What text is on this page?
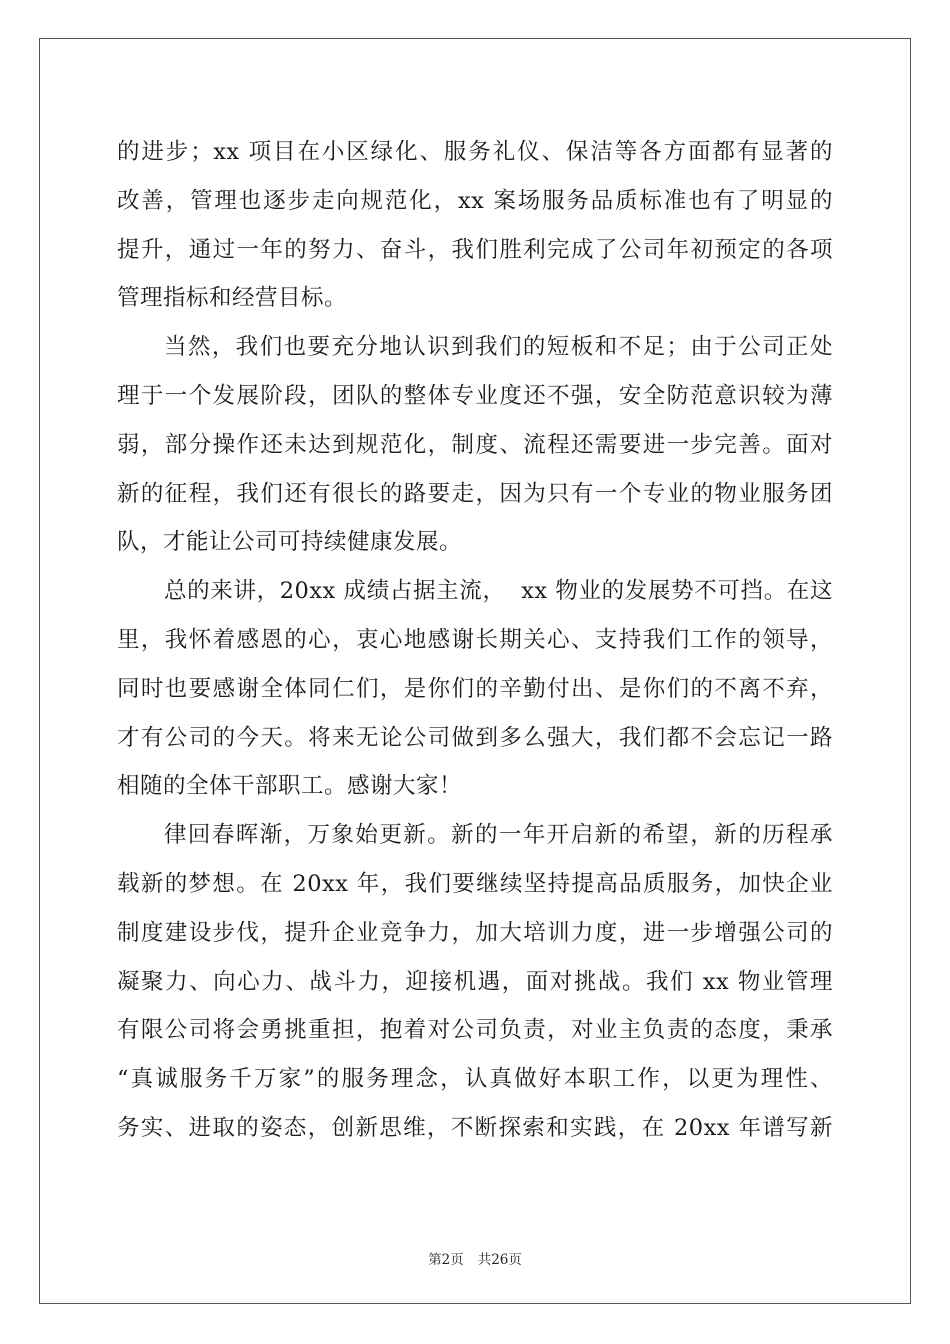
的进步；xx 项目在小区绿化、服务礼仪、保洁等各方面都有显著的
改善，管理也逐步走向规范化，xx 案场服务品质标准也有了明显的
提升，通过一年的努力、奋斗，我们胜利完成了公司年初预定的各项
管理指标和经营目标。
当然，我们也要充分地认识到我们的短板和不足；由于公司正处
理于一个发展阶段，团队的整体专业度还不强，安全防范意识较为薄
弱，部分操作还未达到规范化，制度、流程还需要进一步完善。面对
新的征程，我们还有很长的路要走，因为只有一个专业的物业服务团
队，才能让公司可持续健康发展。
总的来讲，20xx 成绩占据主流，  xx 物业的发展势不可挡。在这
里，我怀着感恩的心，衷心地感谢长期关心、支持我们工作的领导，
同时也要感谢全体同仁们，是你们的辛勤付出、是你们的不离不弃，
才有公司的今天。将来无论公司做到多么强大，我们都不会忘记一路
相随的全体干部职工。感谢大家！
律回春晖渐，万象始更新。新的一年开启新的希望，新的历程承
载新的梦想。在 20xx 年，我们要继续坚持提高品质服务，加快企业
制度建设步伐，提升企业竞争力，加大培训力度，进一步增强公司的
凝聚力、向心力、战斗力，迎接机遇，面对挑战。我们 xx 物业管理
有限公司将会勇挑重担，抱着对公司负责，对业主负责的态度，秉承
“真诚服务千万家”的服务理念，认真做好本职工作，以更为理性、
务实、进取的姿态，创新思维，不断探索和实践，在 20xx 年谱写新
第2页 共26页
